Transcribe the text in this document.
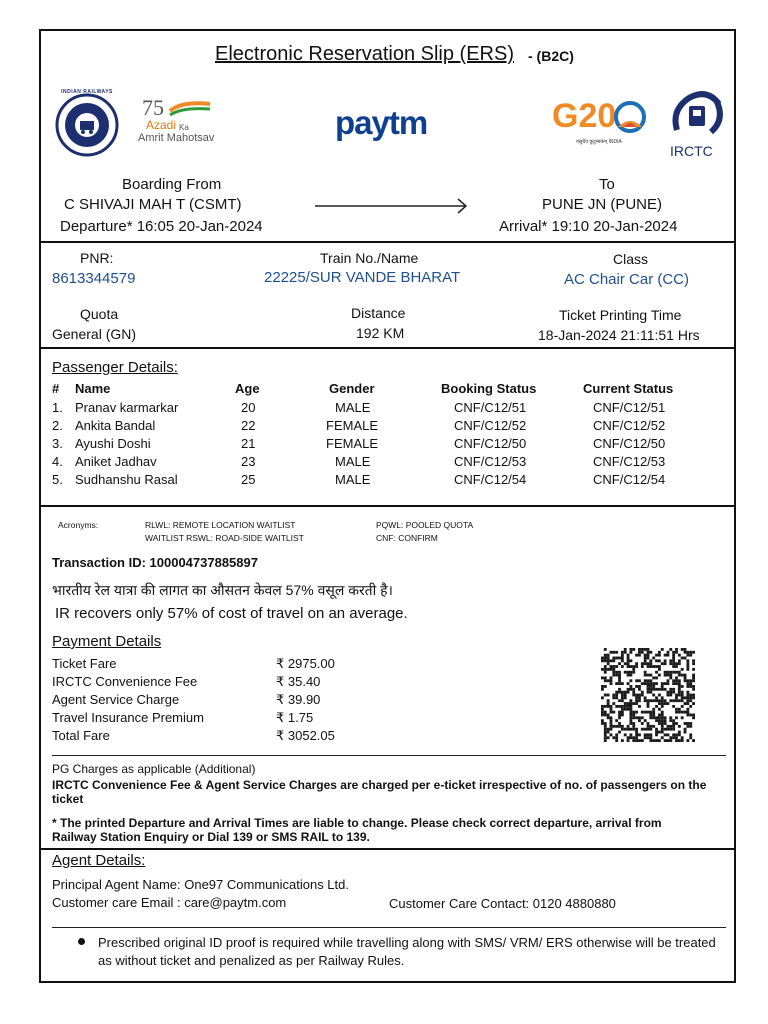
Electronic Reservation Slip (ERS) - (B2C)
INDIAN RAILWAYS
75
Azadi Ka
Amrit Mahotsav	paytm	G20
वसुधैव कुटुम्बकम् INDIA
IRCTC
Boarding From
C SHIVAJI MAH T (CSMT)
Departure* 16:05 20-Jan-2024
To
PUNE JN (PUNE)
Arrival* 19:10 20-Jan-2024
PNR:
8613344579
Train No./Name
22225/SUR VANDE BHARAT
Class
AC Chair Car (CC)
Quota
General (GN)
Distance
192 KM
Ticket Printing Time
18-Jan-2024 21:11:51 Hrs
Passenger Details:
# Name	Age	Gender	Booking Status	Current Status
1. Pranav karmarkar	20	MALE	CNF/C12/51	CNF/C12/51
2. Ankita Bandal	22	FEMALE	CNF/C12/52	CNF/C12/52
3. Ayushi Doshi	21	FEMALE	CNF/C12/50	CNF/C12/50
4. Aniket Jadhav	23	MALE	CNF/C12/53	CNF/C12/53
5. Sudhanshu Rasal	25	MALE	CNF/C12/54	CNF/C12/54
Acronyms:	RLWL: REMOTE LOCATION WAITLIST
WAITLIST RSWL: ROAD-SIDE WAITLIST
PQWL: POOLED QUOTA
CNF: CONFIRM
Transaction ID: 100004737885897
भारतीय रेल यात्रा की लागत का औसतन केवल 57% वसूल करती है।
IR recovers only 57% of cost of travel on an average.
Payment Details
Ticket Fare	₹ 2975.00
IRCTC Convenience Fee	₹ 35.40
Agent Service Charge	₹ 39.90
Travel Insurance Premium	₹ 1.75
Total Fare	₹ 3052.05
PG Charges as applicable (Additional)
IRCTC Convenience Fee & Agent Service Charges are charged per e-ticket irrespective of no. of passengers on the ticket
* The printed Departure and Arrival Times are liable to change. Please check correct departure, arrival from Railway Station Enquiry or Dial 139 or SMS RAIL to 139.
Agent Details:
Principal Agent Name: One97 Communications Ltd.
Customer care Email : care@paytm.com	Customer Care Contact: 0120 4880880
Prescribed original ID proof is required while travelling along with SMS/ VRM/ ERS otherwise will be treated as without ticket and penalized as per Railway Rules.
